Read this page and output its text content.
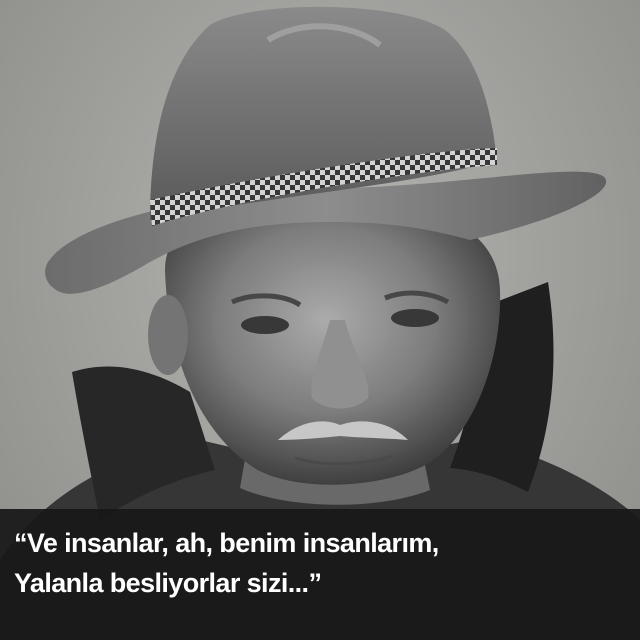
“Ve insanlar, ah, benim insanlarım,
Yalanla besliyorlar sizi...”
